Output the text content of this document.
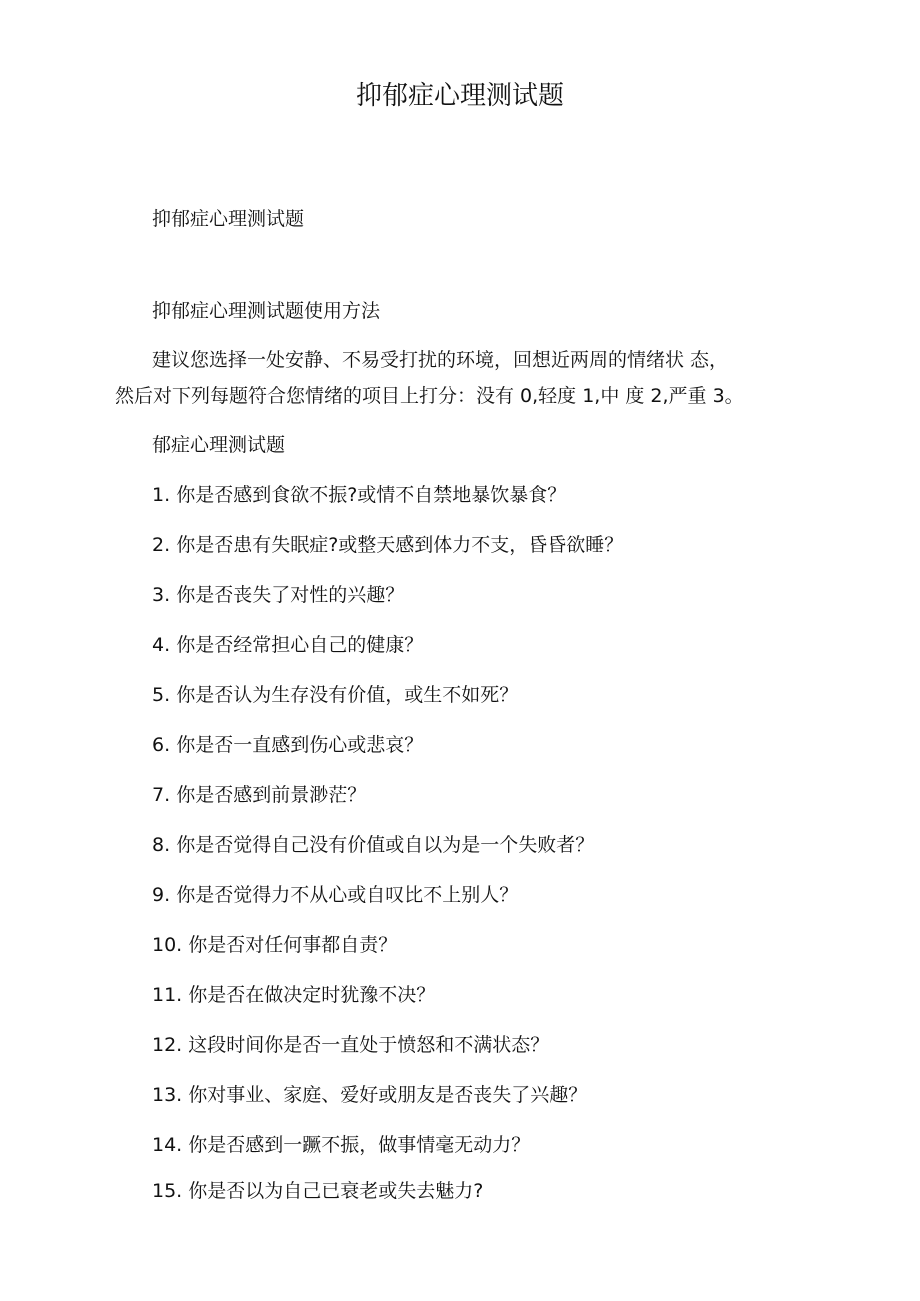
抑郁症心理测试题

抑郁症心理测试题

抑郁症心理测试题使用方法

建议您选择一处安静、不易受打扰的环境，回想近两周的情绪状 态，

然后对下列每题符合您情绪的项目上打分：没有 0,轻度 1,中 度 2,严重 3。

郁症心理测试题

1. 你是否感到食欲不振?或情不自禁地暴饮暴食？

2. 你是否患有失眠症?或整天感到体力不支，昏昏欲睡？

3. 你是否丧失了对性的兴趣？

4. 你是否经常担心自己的健康？

5. 你是否认为生存没有价值，或生不如死？

6. 你是否一直感到伤心或悲哀？

7. 你是否感到前景渺茫？

8. 你是否觉得自己没有价值或自以为是一个失败者？

9. 你是否觉得力不从心或自叹比不上别人？

10. 你是否对任何事都自责？

11. 你是否在做决定时犹豫不决？

12. 这段时间你是否一直处于愤怒和不满状态？

13. 你对事业、家庭、爱好或朋友是否丧失了兴趣？

14. 你是否感到一蹶不振，做事情毫无动力？

15. 你是否以为自己已衰老或失去魅力?
